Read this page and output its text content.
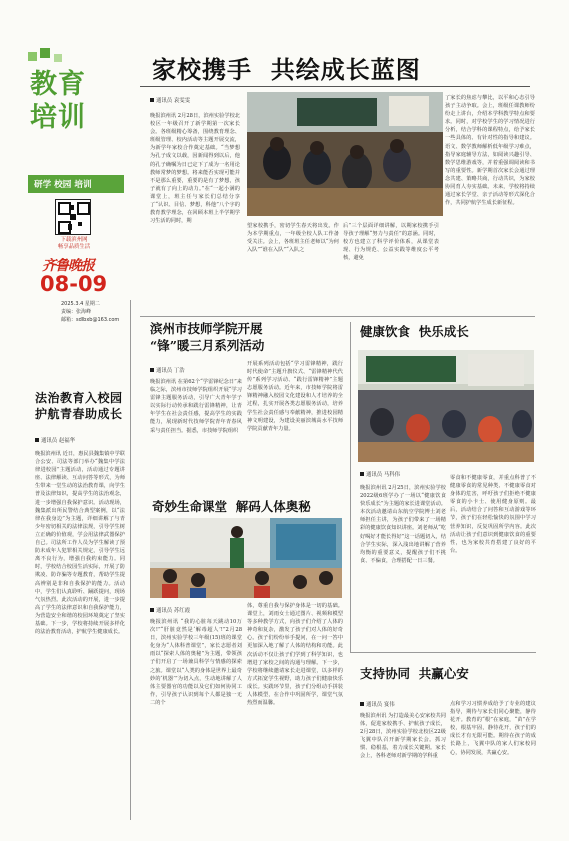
教育
培训
研学 校园 培训
下载滨州网
畅享品质生活
齐鲁晚报
08-09
2025.3.4 星期二
责编：张海峰
邮箱：sdlbxb@163.com
法治教育入校园
护航青春助成长
通讯员 赵福华
晚报滨州讯 近日，惠民县魏集镇中学联合公安、司法等部门举办“魏集中学法律进校园”主题活动，活动通过专题讲座、法律解读、互动问答等形式，为师生带来一堂生动的法治教育课，向学生普及法律知识，提高学生的法治观念，进一步增强自我保护意识。活动现场，魏集派出所民警结合典型案例，以“法律在我身边”为主题，详细讲解了与青少年密切相关的法律法规，引导学生树立正确的价值观，学会用法律武器保护自己。司法所工作人员为学生解读了预防未成年人犯罪相关规定，引导学生远离不良行为，增强自我约束能力。同时，学校结合校园生活实际，开展了防欺凌、防诈骗等专题教育，帮助学生提高辨别是非和自我保护的能力。活动中，学生们认真聆听、踊跃提问，现场气氛热烈。此次活动的开展，进一步提高了学生的法律意识和自我保护能力，为营造安全和谐的校园环境奠定了坚实基础。下一步，学校将持续开展多样化的法治教育活动，护航学生健康成长。
家校携手  共绘成长蓝图
通讯员 袁雯雯
晚报滨州讯 2月28日，滨州实验学校北校区一年级召开了新学期第一次家长会。各班级精心筹备，围绕教育理念、班级管理、校内活动等主题开展交流，为新学年家校合作奠定基础。“当梦想为孔子成文以载，因新闻得到以后，他的孔子确嘱为日已定下了成为一名用论教师常梦的梦想。将来能否实现可能并不是那么重要，重要的是有了梦想，孩子就有了向上的动力。”在“一起小满的课堂上，班主任与家长们总结分享了“认识、目信、梦想，科他”八个字的教育教学理念，在回顾本班上半学期学习生活的同时，期
望家校携手，密切学生春天将出发。作为本学期重点，一年级全校人队工作备受关注。会上，各班班主任老师以“为何入队”“谁在入队”“入队之
后”三个层面详细讲解，以期家校携手引导孩子理解“努力与责任”的意涵。同时，校方也建立了科学评价体系，从课堂表现、行为规范、公益实践等维度公平考核，避免
了家长的焦虑与攀比，以平和心态引导孩子主动争取。会上，班级任课教师纷纷走上讲台，介绍本学科教学特点和要求。同时，对学校学生的学习情况进行分析，结合学科的课程特点，给予家长一些具体的、有针对性的指导和建议。语文、数学教师解析低年级学习难点，指导家庭辅导方法，如阅读兴趣引导、数学思维游戏等，并着重强调阅读和书写的重要性。新学期首次家长会通过理念共建、策略共商，行动共识，为家校协同育人夯实基础。未来，学校将持续通过家长学堂、亲子活动等形式深化合作，共同护航学生成长新征程。
滨州市技师学院开展
“锋”暖三月系列活动
通讯员 丁浩
晚报滨州讯 在第62个“学雷锋纪念日”来临之际，滨州市技师学院组织开展“学习雷锋主题服务活动，引导广大青年学子以实际行动传承和践行雷锋精神，让青年学生在社会责任感，提高学生的实践能力，展现新时代技师学院青年青春风采与责任担当。据悉，市技师学院组织
开展系列活动包括“学习雷锋精神，践行时代使命”主题升旗仪式、“雷锋精神代代传”系列学习活动、“践行雷锋精神”主题志愿服务活动。近年来，市技师学院将雷锋精神融入校园文化建设和人才培养的全过程，扎实开展各类志愿服务活动，培养学生社会责任感与奉献精神，推进校园精神文明建设，为建设美丽滨城高水平技师学院贡献青年力量。
奇妙生命课堂  解码人体奥秘
通讯员 苏红霞
晚报滨州讯 “我的心脏每天跳动10万次!”“肝脏竟然是‘解毒超人’!”2月28日，滨州实验学校三年级(15)班的课堂化身为“人体科普课堂”，家长志愿者刘雨以“探索人体的奥秘”为主题，带领孩子们开启了一场兼具科学与情感的探索之旅。课堂以“人类的身体是世界上最奇妙的‘机器’”为切入点，生动地讲解了人体主要器官的功能以及它们如何协同工作，引导孩子认识到每个人都是独一无二的个
体，尊重自我与保护身体是一切的基础。课堂上，刘雨女士通过图片、视频和模型等多种教学方式，向孩子们介绍了人体的神奇和复杂，激发了孩子们对人体的好奇心。孩子们纷纷举手提问，在一问一答中更加深入地了解了人体的结构和功能。此次活动不仅让孩子们学到了科学知识，也增进了家校之间的沟通与理解。下一步，学校将继续邀请家长走进课堂，以多样的方式拓宽学生视野，助力孩子们健康快乐成长。实践环节里，孩子们分组动手拼装人体模型，在合作中巩固所学，课堂气氛热烈而温馨。
健康饮食  快乐成长
通讯员 马科伟
晚报滨州讯 2月25日，滨州实验学校2022级6班学办了一场以“健康饮食 快乐成长”为主题的家长进课堂活动。本次活动邀请山东航空学院博士刘老师担任主讲，为孩子们带来了一场精彩的健康饮食知识讲座。刘老师从“吃好喝好才能长得好”这一话题切入，结合学生实际，深入浅出地讲解了营养均衡的重要意义，提醒孩子们不挑食、不偏食，合理搭配一日三餐。
零食和不健康零食，并重点科普了不健康零食的常见种类、不健康零食对身体的危害，呼吁孩子们拒绝不健康零食的小卡士、使用健身原则。最后，活动结合了问答和互动游戏等环节，孩子们在轻松愉快的氛围中学习营养知识，反复巩固所学内容。此次活动让孩子们意识到健康饮食的重要性，也为家校共育搭建了良好的平台。
支持协同  共赢心安
通讯员 宴伟
晚报滨州讯 为打造最美心安家校共同体，促进家校携手、护航孩子成长，2月28日，滨州实验学校北校区22级飞翼中队召开新学期家长会。抓习惯、稳根基，着力成长关键期。家长会上，各科老师对新学期的学科重
点和学习习惯养成给予了专业的建议指导，期待与家长们同心聚能，静待花开。教育的“根”在家庭，“苗”在学校，根基牢固，静待花开，孩子们的成长才有无限可能。期待在孩子的成长路上，飞翼中队的家人们家校同心，协同发展，共赢心安。
